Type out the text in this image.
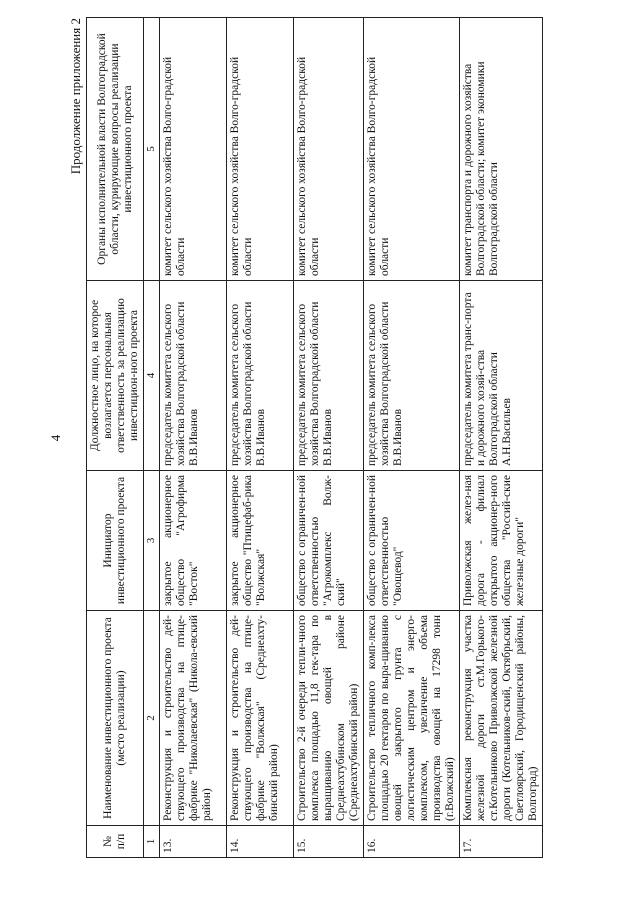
4
Продолжение приложения 2
№ п/п	Наименование инвестиционного проекта (место реализации)	Инициатор инвестиционного проекта	Должностное лицо, на которое возлагается персональная ответственность за реализацию инвестицион-ного проекта	Органы исполнительной власти Волгоградской области, курирующие вопросы реализации инвестиционного проекта
1	2	3	4	5
13.	Реконструкция и строительство дей-ствующего производства на птице-фабрике "Николаевская" (Никола-евский район)	закрытое акционерное общество "Агрофирма "Восток"	председатель комитета сельского хозяйства Волгоградской области В.В.Иванов	комитет сельского хозяйства Волго-градской области
14.	Реконструкция и строительство дей-ствующего производства на птице-фабрике "Волжская" (Среднеахту-бинский район)	закрытое акционерное общество "Птицефаб-рика "Волжская"	председатель комитета сельского хозяйства Волгоградской области В.В.Иванов	комитет сельского хозяйства Волго-градской области
15.	Строительство 2-й очереди тепли-чного комплекса площадью 11,8 гек-тара по выращиванию овощей в Среднеахтубинском районе (Среднеахтубинский район)	общество с ограничен-ной ответственностью "Агрокомплекс Волж-ский"	председатель комитета сельского хозяйства Волгоградской области В.В.Иванов	комитет сельского хозяйства Волго-градской области
16.	Строительство тепличного комп-лекса площадью 20 гектаров по выра-щиванию овощей закрытого грунта с логистическим центром и энерго-комплексом, увеличение объема производства овощей на 17298 тонн (г.Волжский)	общество с ограничен-ной ответственностью "Овощевод"	председатель комитета сельского хозяйства Волгоградской области В.В.Иванов	комитет сельского хозяйства Волго-градской области
17.	Комплексная реконструкция участка железной дороги ст.М.Горького-ст.Котельниково Приволжской железной дороги (Котельников-ский, Октябрьский, Светлоярский, Городищенский районы, Волгоград)	Приволжская желез-ная дорога - филиал открытого акционер-ного общества "Россий-ские железные дороги"	председатель комитета транс-порта и дорожного хозяй-ства Волгоградской области А.Н.Васильев	комитет транспорта и дорожного хозяйства Волгоградской области; комитет экономики Волгоградской области
